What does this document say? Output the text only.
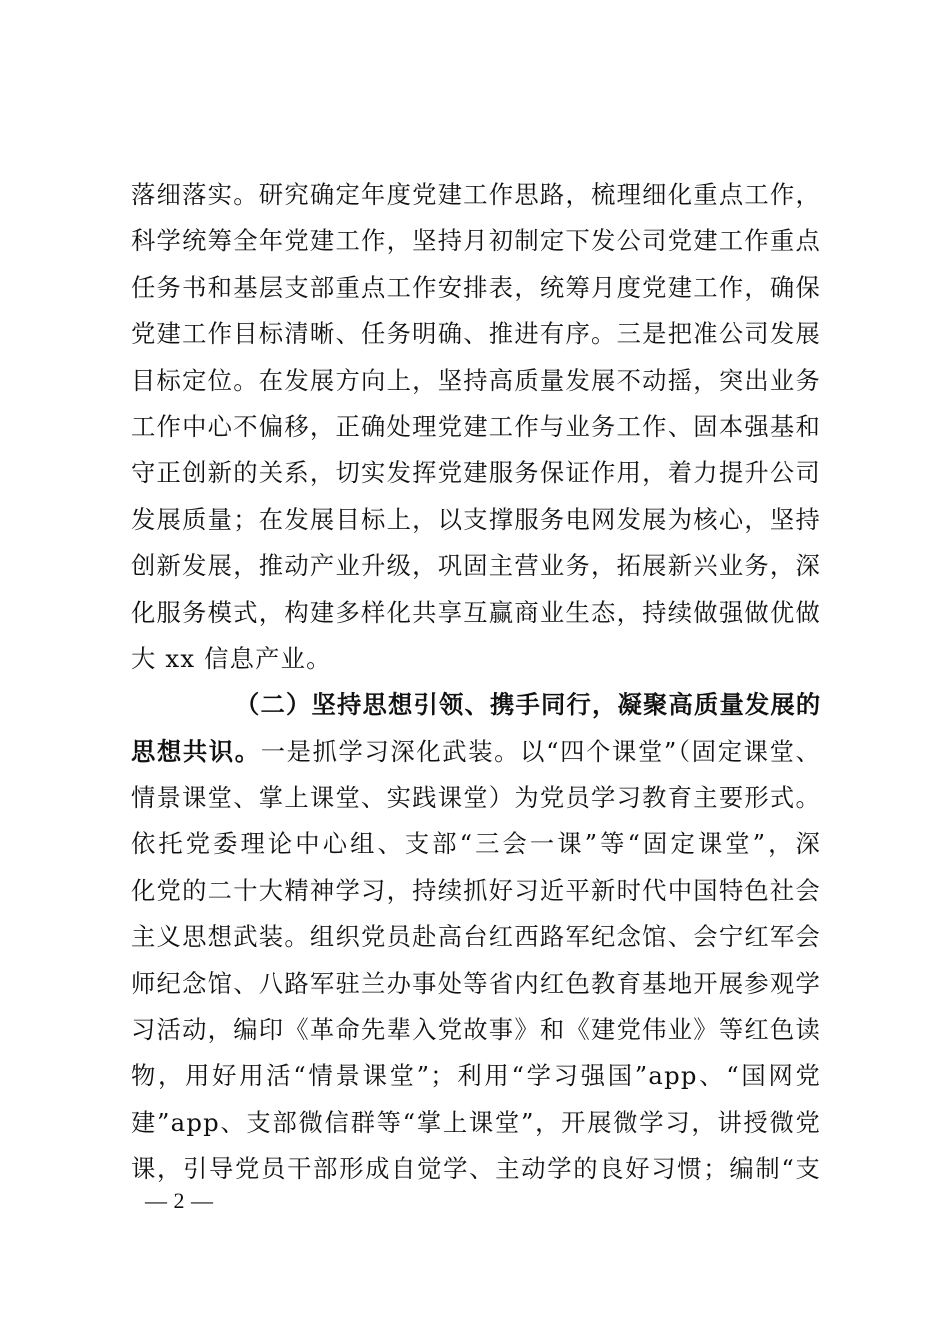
落细落实。研究确定年度党建工作思路，梳理细化重点工作，
科学统筹全年党建工作，坚持月初制定下发公司党建工作重点
任务书和基层支部重点工作安排表，统筹月度党建工作，确保
党建工作目标清晰、任务明确、推进有序。三是把准公司发展
目标定位。在发展方向上，坚持高质量发展不动摇，突出业务
工作中心不偏移，正确处理党建工作与业务工作、固本强基和
守正创新的关系，切实发挥党建服务保证作用，着力提升公司
发展质量；在发展目标上，以支撑服务电网发展为核心，坚持
创新发展，推动产业升级，巩固主营业务，拓展新兴业务，深
化服务模式，构建多样化共享互赢商业生态，持续做强做优做
大 xx 信息产业。
（二）坚持思想引领、携手同行，凝聚高质量发展的
思想共识。一是抓学习深化武装。以“四个课堂”（固定课堂、
情景课堂、掌上课堂、实践课堂）为党员学习教育主要形式。
依托党委理论中心组、支部“三会一课”等“固定课堂”，深
化党的二十大精神学习，持续抓好习近平新时代中国特色社会
主义思想武装。组织党员赴高台红西路军纪念馆、会宁红军会
师纪念馆、八路军驻兰办事处等省内红色教育基地开展参观学
习活动，编印《革命先辈入党故事》和《建党伟业》等红色读
物，用好用活“情景课堂”；利用“学习强国”app、“国网党
建”app、支部微信群等“掌上课堂”，开展微学习，讲授微党
课，引导党员干部形成自觉学、主动学的良好习惯；编制“支
— 2 —
